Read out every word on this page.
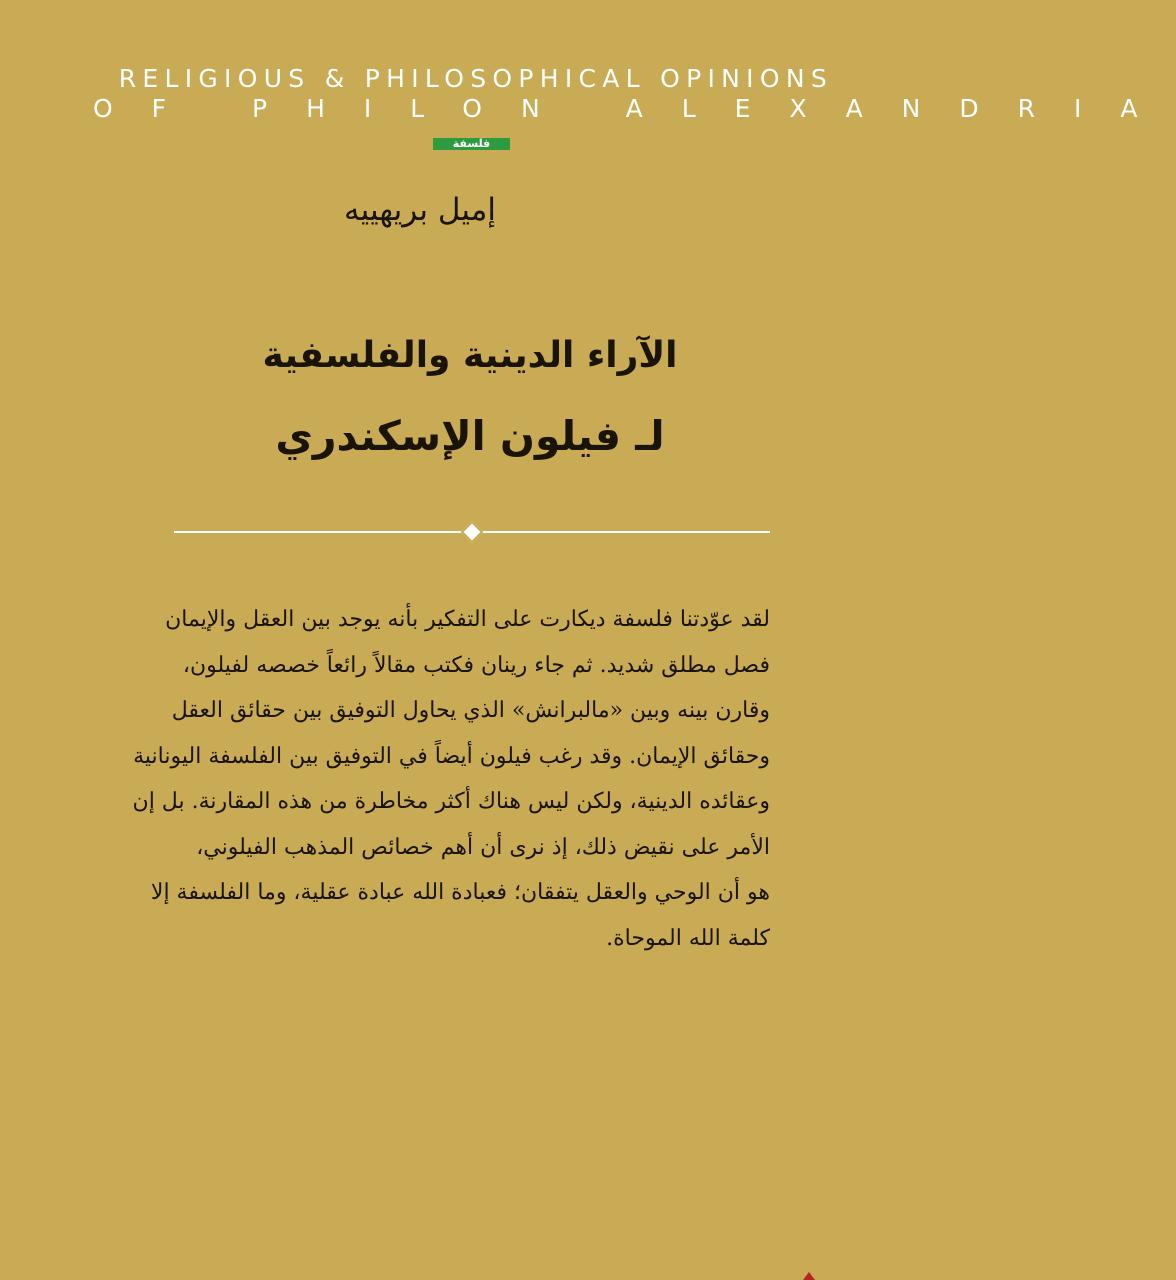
RELIGIOUS & PHILOSOPHICAL OPINIONS
OF PHILON ALEXANDRIA
فلسفة
إميل بريهييه
الآراء الدينية والفلسفية
لـ فيلون الإسكندري
لقد عوّدتنا فلسفة ديكارت على التفكير بأنه يوجد بين العقل والإيمان
فصل مطلق شديد. ثم جاء رينان فكتب مقالاً رائعاً خصصه لفيلون،
وقارن بينه وبين «مالبرانش» الذي يحاول التوفيق بين حقائق العقل
وحقائق الإيمان. وقد رغب فيلون أيضاً في التوفيق بين الفلسفة اليونانية
وعقائده الدينية، ولكن ليس هناك أكثر مخاطرة من هذه المقارنة. بل إن
الأمر على نقيض ذلك، إذ نرى أن أهم خصائص المذهب الفيلوني،
هو أن الوحي والعقل يتفقان؛ فعبادة الله عبادة عقلية، وما الفلسفة إلا
كلمة الله الموحاة.
